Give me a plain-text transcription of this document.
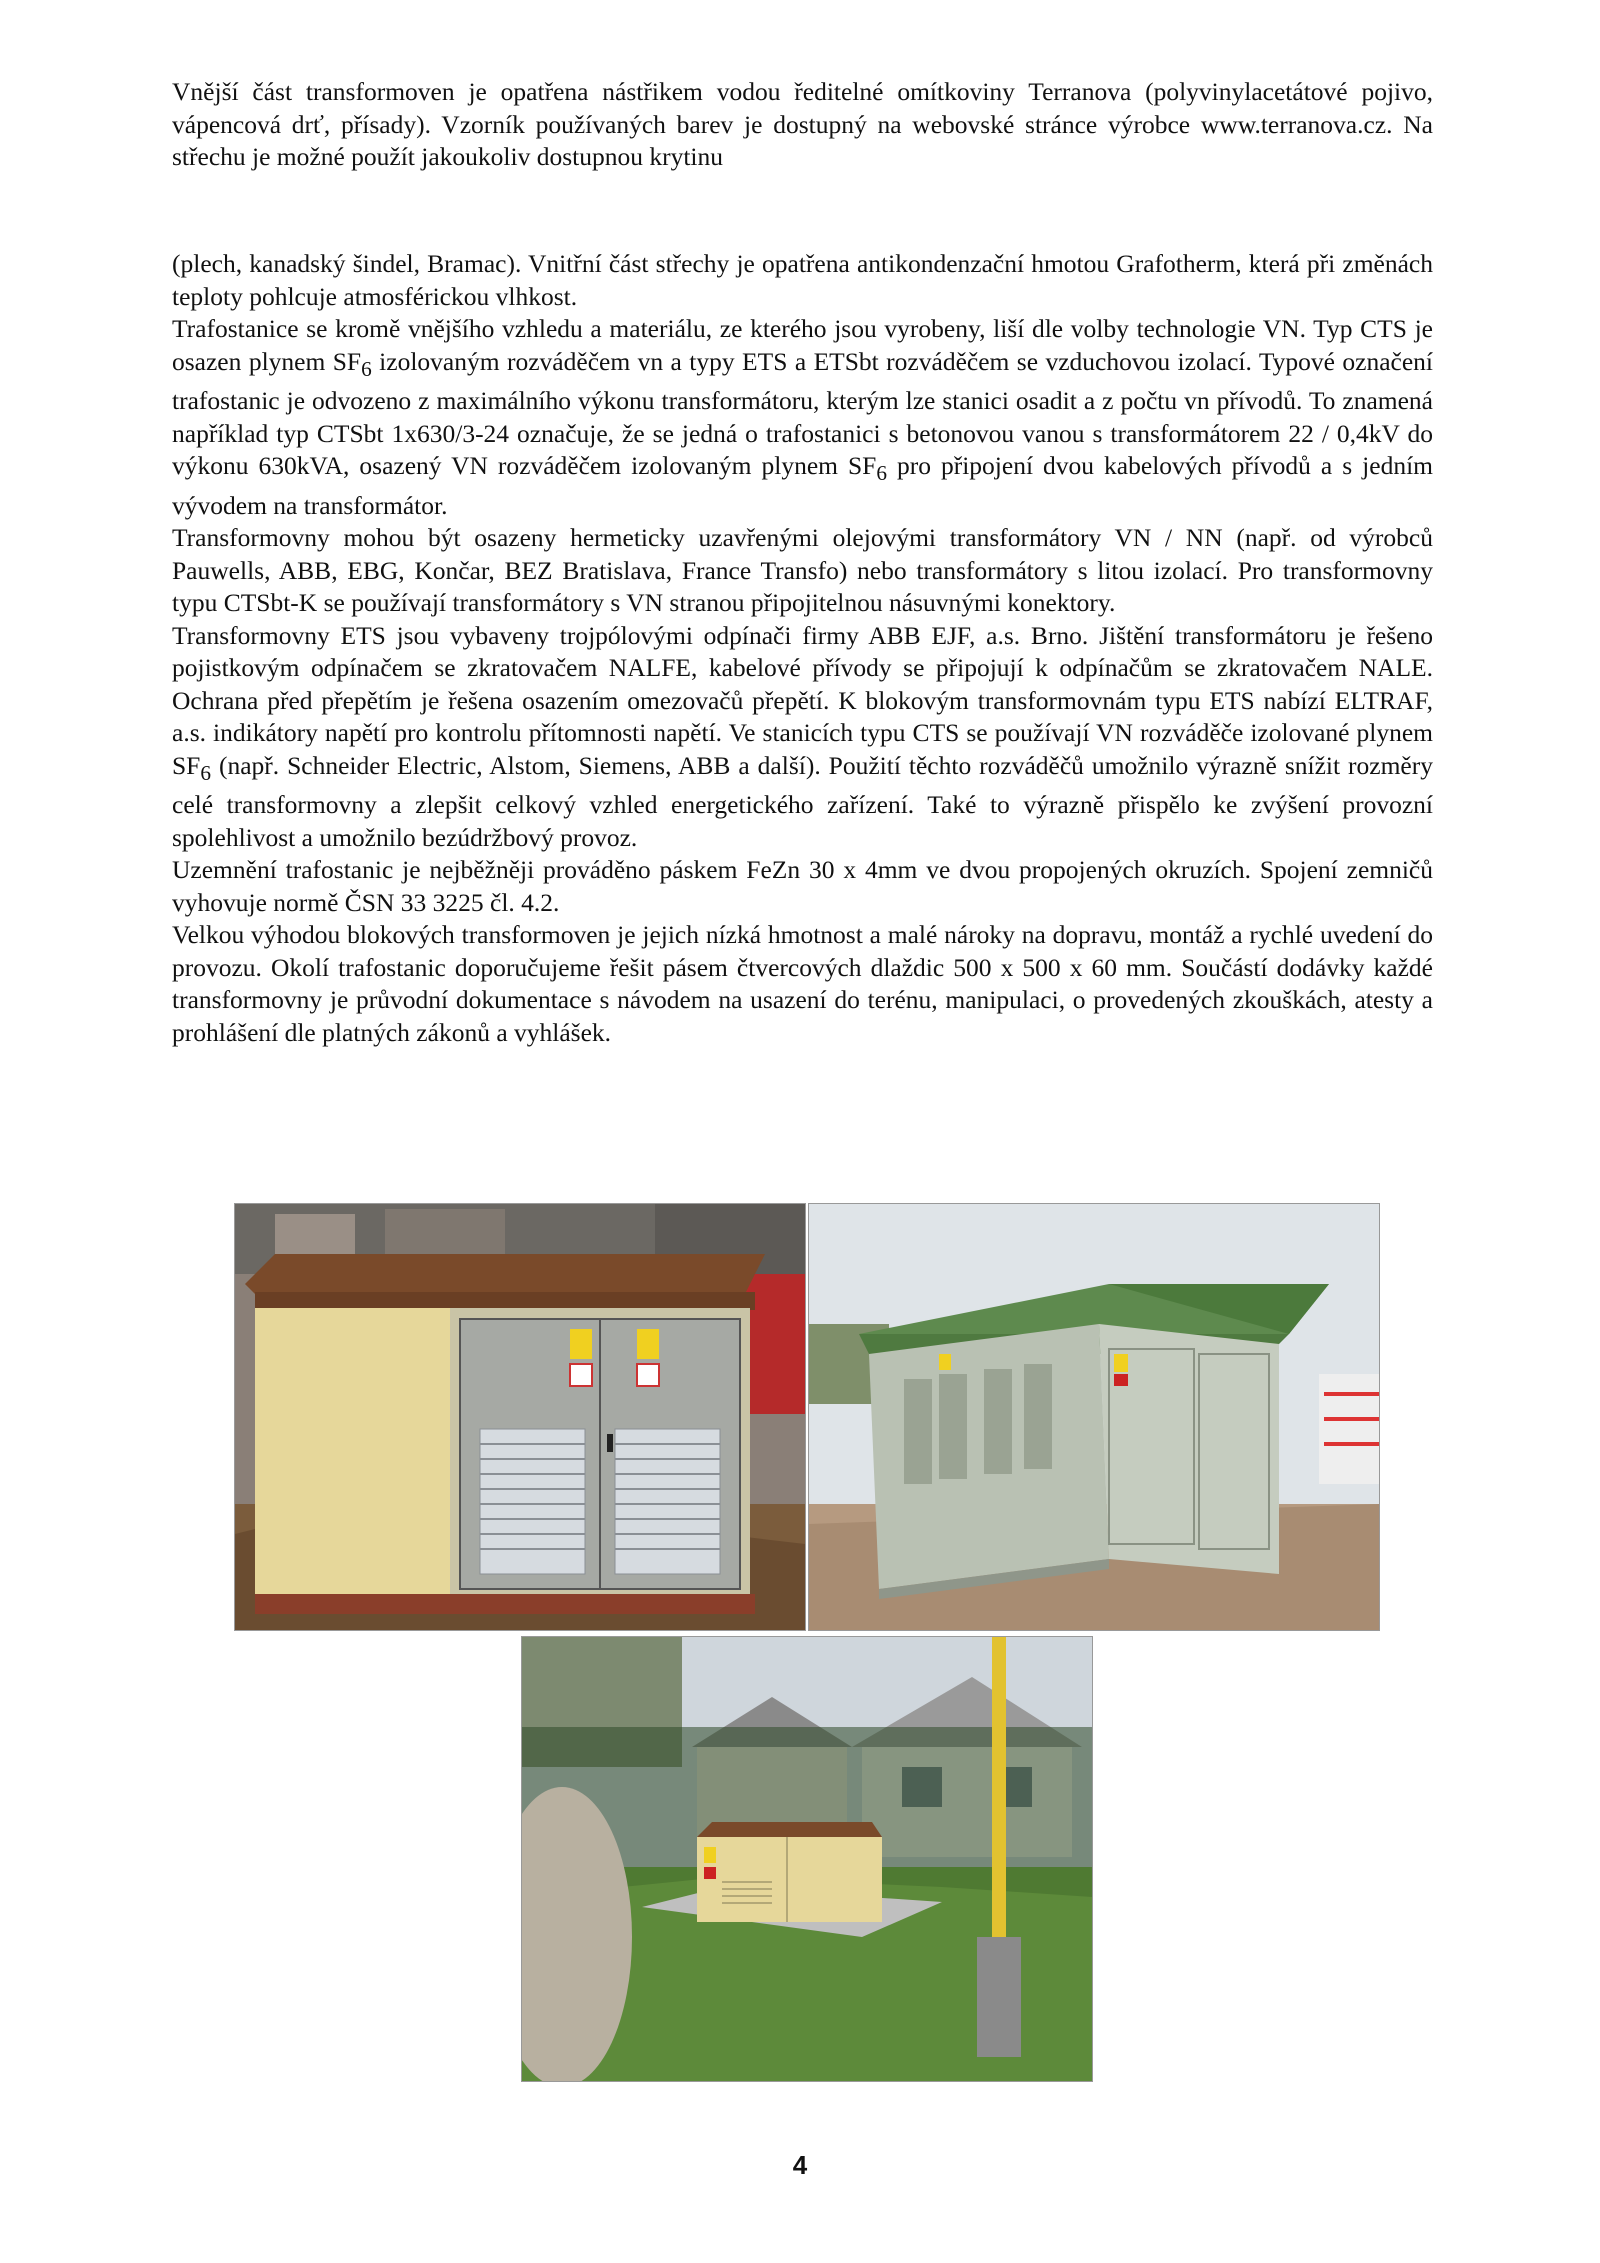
Vnější část transformoven je opatřena nástřikem vodou ředitelné omítkoviny Terranova (polyvinylacetátové pojivo, vápencová drť, přísady). Vzorník používaných barev je dostupný na webovské stránce výrobce www.terranova.cz. Na střechu je možné použít jakoukoliv dostupnou krytinu

(plech, kanadský šindel, Bramac). Vnitřní část střechy je opatřena antikondenzační hmotou Grafotherm, která při změnách teploty pohlcuje atmosférickou vlhkost.

Trafostanice se kromě vnějšího vzhledu a materiálu, ze kterého jsou vyrobeny, liší dle volby technologie VN. Typ CTS je osazen plynem $SF_6$ izolovaným rozváděčem vn a typy ETS a ETSbt rozváděčem se vzduchovou izolací. Typové označení trafostanic je odvozeno z maximálního výkonu transformátoru, kterým lze stanici osadit a z počtu vn přívodů. To znamená například typ CTSbt 1x630/3-24 označuje, že se jedná o trafostanici s betonovou vanou s transformátorem 22 / 0,4kV do výkonu 630kVA, osazený VN rozváděčem izolovaným plynem $SF_6$ pro připojení dvou kabelových přívodů a s jedním vývodem na transformátor.

Transformovny mohou být osazeny hermeticky uzavřenými olejovými transformátory VN / NN (např. od výrobců Pauwells, ABB, EBG, Končar, BEZ Bratislava, France Transfo) nebo transformátory s litou izolací. Pro transformovny typu CTSbt-K se používají transformátory s VN stranou připojitelnou násuvnými konektory.

Transformovny ETS jsou vybaveny trojpólovými odpínači firmy ABB EJF, a.s. Brno. Jištění transformátoru je řešeno pojistkovým odpínačem se zkratovačem NALFE, kabelové přívody se připojují k odpínačům se zkratovačem NALE. Ochrana před přepětím je řešena osazením omezovačů přepětí. K blokovým transformovnám typu ETS nabízí ELTRAF, a.s. indikátory napětí pro kontrolu přítomnosti napětí. Ve stanicích typu CTS se používají VN rozváděče izolované plynem $SF_6$ (např. Schneider Electric, Alstom, Siemens, ABB a další). Použití těchto rozváděčů umožnilo výrazně snížit rozměry celé transformovny a zlepšit celkový vzhled energetického zařízení. Také to výrazně přispělo ke zvýšení provozní spolehlivost a umožnilo bezúdržbový provoz.

Uzemnění trafostanic je nejběžněji prováděno páskem FeZn 30 x 4mm ve dvou propojených okruzích. Spojení zemničů vyhovuje normě ČSN 33 3225 čl. 4.2.

Velkou výhodou blokových transformoven je jejich nízká hmotnost a malé nároky na dopravu, montáž a rychlé uvedení do provozu. Okolí trafostanic doporučujeme řešit pásem čtvercových dlaždic 500 x 500 x 60 mm. Součástí dodávky každé transformovny je průvodní dokumentace s návodem na usazení do terénu, manipulaci, o provedených zkouškách, atesty a prohlášení dle platných zákonů a vyhlášek.

4
